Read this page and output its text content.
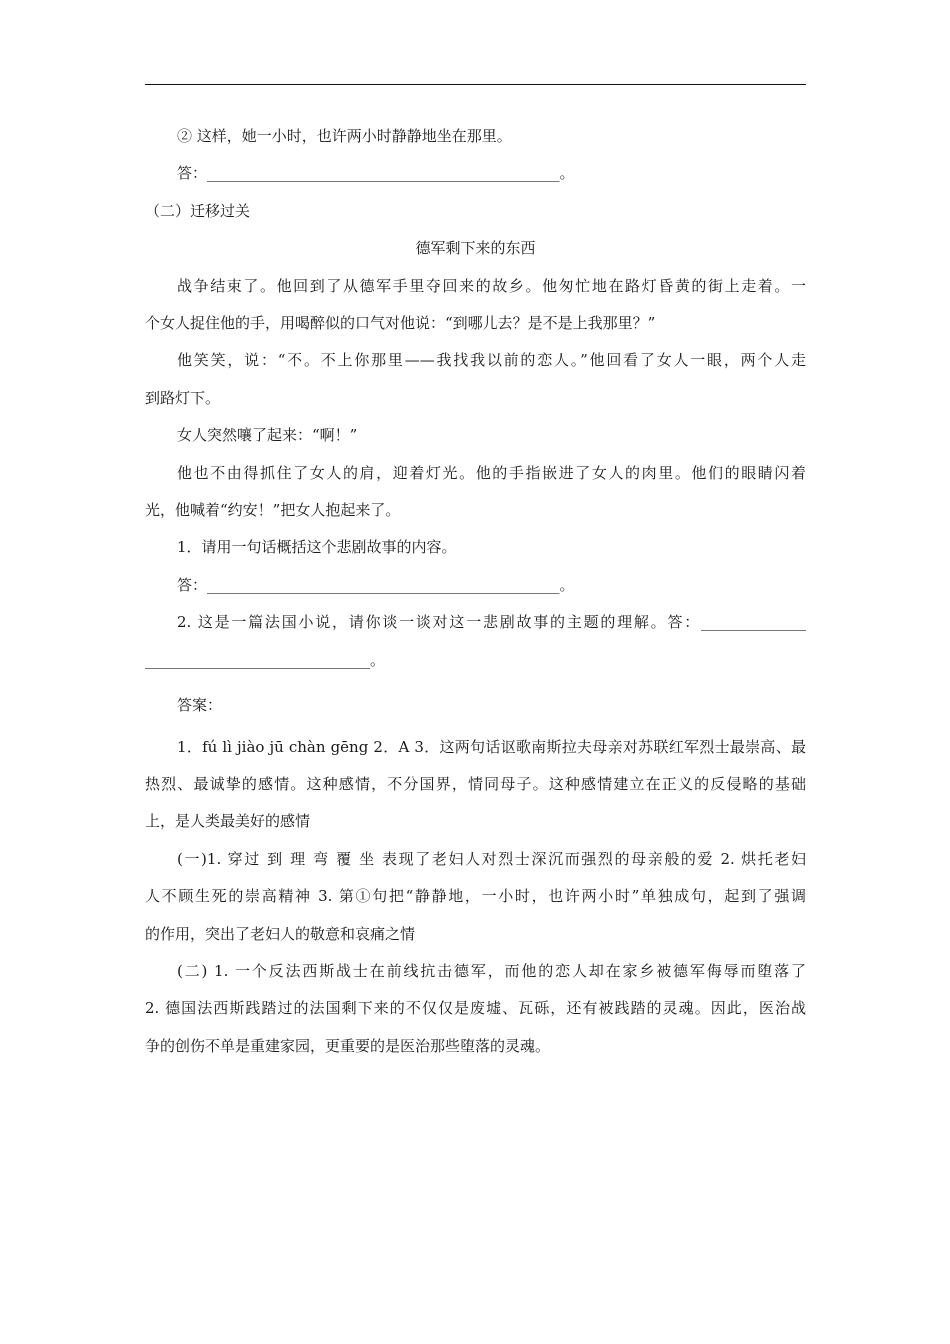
② 这样，她一小时，也许两小时静静地坐在那里。

答：_______________________________________________。

（二）迁移过关

德军剩下来的东西

战争结束了。他回到了从德军手里夺回来的故乡。他匆忙地在路灯昏黄的街上走着。一

个女人捉住他的手，用喝醉似的口气对他说：“到哪儿去？是不是上我那里？”

他笑笑，说：“不。不上你那里——我找我以前的恋人。”他回看了女人一眼，两个人走

到路灯下。

女人突然嚷了起来：“啊！”

他也不由得抓住了女人的肩，迎着灯光。他的手指嵌进了女人的肉里。他们的眼睛闪着

光，他喊着“约安！”把女人抱起来了。

1．请用一句话概括这个悲剧故事的内容。

答：_______________________________________________。

2. 这是一篇法国小说，请你谈一谈对这一悲剧故事的主题的理解。答：______________

______________________________。

答案：

1．fú lì jiào jū chàn gēng 2．A 3．这两句话讴歌南斯拉夫母亲对苏联红军烈士最崇高、最

热烈、最诚挚的感情。这种感情，不分国界，情同母子。这种感情建立在正义的反侵略的基础

上，是人类最美好的感情

(一)1. 穿过 到 理 弯 覆 坐 表现了老妇人对烈士深沉而强烈的母亲般的爱 2. 烘托老妇

人不顾生死的崇高精神 3. 第①句把“静静地，一小时，也许两小时”单独成句，起到了强调

的作用，突出了老妇人的敬意和哀痛之情

(二) 1. 一个反法西斯战士在前线抗击德军，而他的恋人却在家乡被德军侮辱而堕落了

2. 德国法西斯践踏过的法国剩下来的不仅仅是废墟、瓦砾，还有被践踏的灵魂。因此，医治战

争的创伤不单是重建家园，更重要的是医治那些堕落的灵魂。
